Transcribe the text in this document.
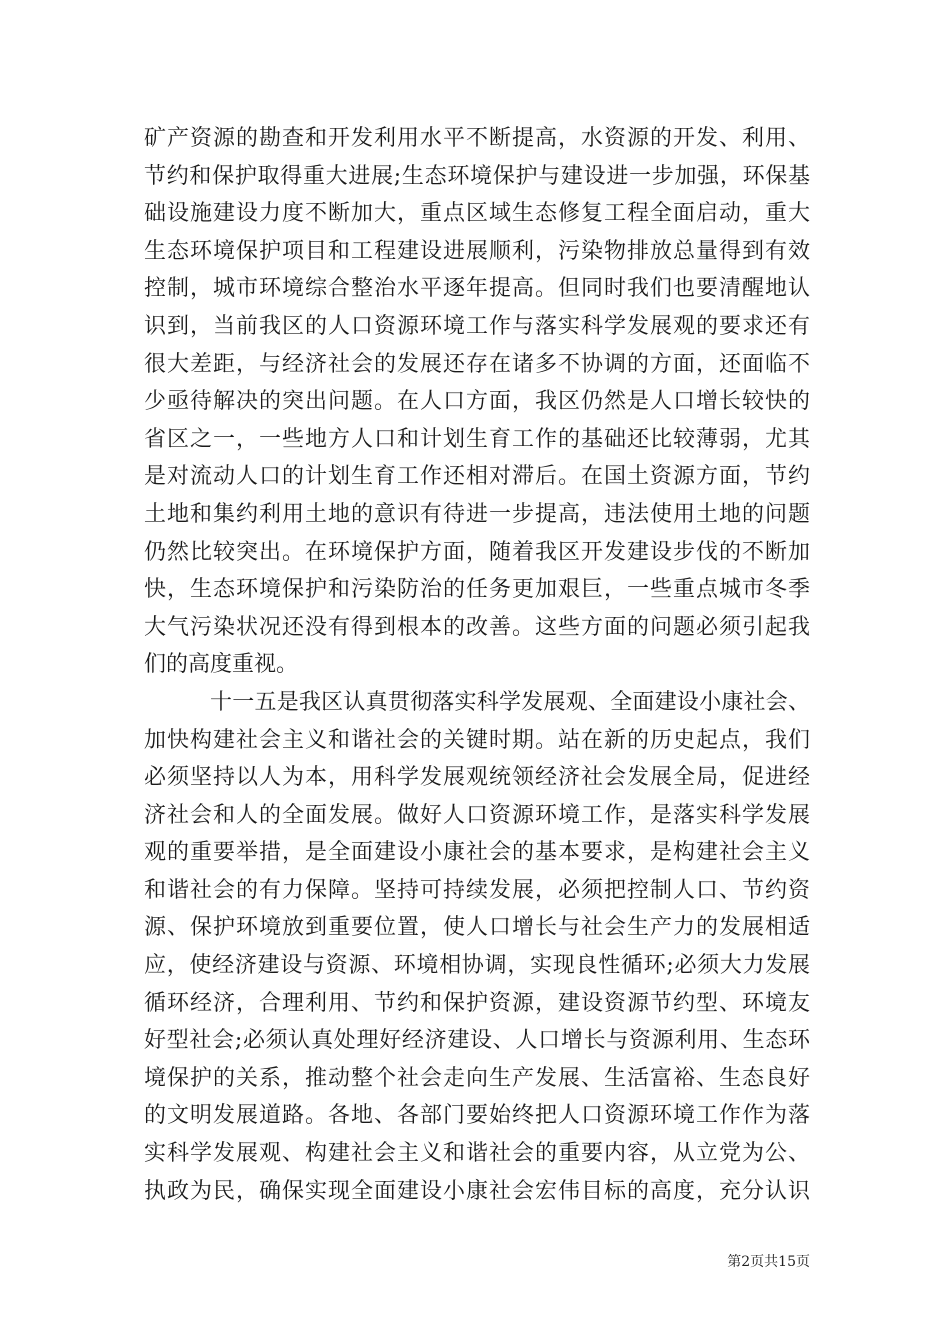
矿产资源的勘查和开发利用水平不断提高，水资源的开发、利用、
节约和保护取得重大进展;生态环境保护与建设进一步加强，环保基
础设施建设力度不断加大，重点区域生态修复工程全面启动，重大
生态环境保护项目和工程建设进展顺利，污染物排放总量得到有效
控制，城市环境综合整治水平逐年提高。但同时我们也要清醒地认
识到，当前我区的人口资源环境工作与落实科学发展观的要求还有
很大差距，与经济社会的发展还存在诸多不协调的方面，还面临不
少亟待解决的突出问题。在人口方面，我区仍然是人口增长较快的
省区之一，一些地方人口和计划生育工作的基础还比较薄弱，尤其
是对流动人口的计划生育工作还相对滞后。在国土资源方面，节约
土地和集约利用土地的意识有待进一步提高，违法使用土地的问题
仍然比较突出。在环境保护方面，随着我区开发建设步伐的不断加
快，生态环境保护和污染防治的任务更加艰巨，一些重点城市冬季
大气污染状况还没有得到根本的改善。这些方面的问题必须引起我
们的高度重视。
十一五是我区认真贯彻落实科学发展观、全面建设小康社会、
加快构建社会主义和谐社会的关键时期。站在新的历史起点，我们
必须坚持以人为本，用科学发展观统领经济社会发展全局，促进经
济社会和人的全面发展。做好人口资源环境工作，是落实科学发展
观的重要举措，是全面建设小康社会的基本要求，是构建社会主义
和谐社会的有力保障。坚持可持续发展，必须把控制人口、节约资
源、保护环境放到重要位置，使人口增长与社会生产力的发展相适
应，使经济建设与资源、环境相协调，实现良性循环;必须大力发展
循环经济，合理利用、节约和保护资源，建设资源节约型、环境友
好型社会;必须认真处理好经济建设、人口增长与资源利用、生态环
境保护的关系，推动整个社会走向生产发展、生活富裕、生态良好
的文明发展道路。各地、各部门要始终把人口资源环境工作作为落
实科学发展观、构建社会主义和谐社会的重要内容，从立党为公、
执政为民，确保实现全面建设小康社会宏伟目标的高度，充分认识
第2页共15页
